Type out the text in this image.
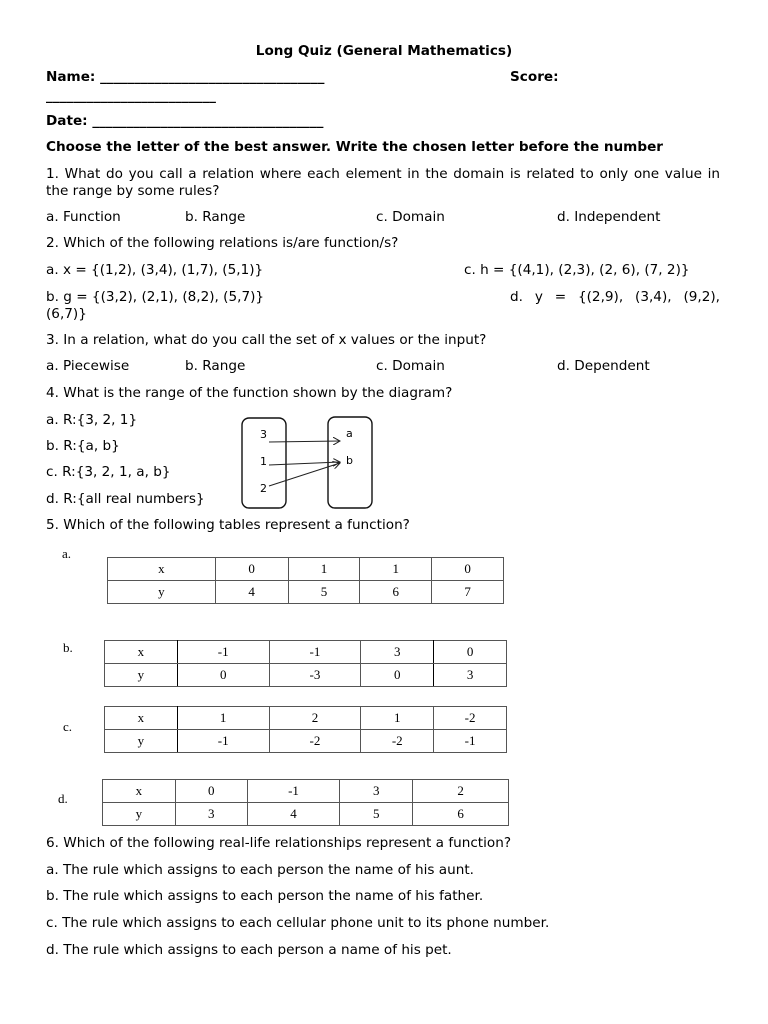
Long Quiz (General Mathematics)
Name: _________________________________	Score:
_________________________
Date: __________________________________
Choose the letter of the best answer. Write the chosen letter before the number
1. What do you call a relation where each element in the domain is related to only one value in the range by some rules?
a. Function	b. Range	c. Domain	d. Independent
2. Which of the following relations is/are function/s?
a. x = {(1,2), (3,4), (1,7), (5,1)}	c. h = {(4,1), (2,3), (2, 6), (7, 2)}
b. g = {(3,2), (2,1), (8,2), (5,7)}	d.  y  =  {(2,9),  (3,4),  (9,2),  (6,7)}
3. In a relation, what do you call the set of x values or the input?
a. Piecewise	b. Range	c. Domain	d. Dependent
4. What is the range of the function shown by the diagram?
a. R:{3, 2, 1}
b. R:{a, b}
c. R:{3, 2, 1, a, b}
d. R:{all real numbers}
3
1
2
a
b
5. Which of the following tables represent a function?
a.
x	0	1	1	0
y	4	5	6	7
b.	x	-1	-1	3	0
y	0	-3	0	3
c.
x	1	2	1	-2
y	-1	-2	-2	-1
d.
x	0	-1	3	2
y	3	4	5	6
6. Which of the following real-life relationships represent a function?
a. The rule which assigns to each person the name of his aunt.
b. The rule which assigns to each person the name of his father.
c. The rule which assigns to each cellular phone unit to its phone number.
d. The rule which assigns to each person a name of his pet.
